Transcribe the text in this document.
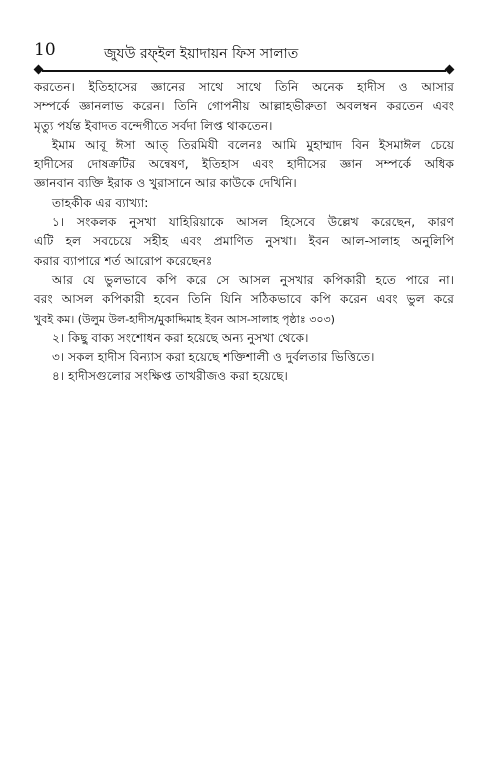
10	জুযউ রফ্‌ইল ইয়াদায়ন ফিস সালাত

করতেন। ইতিহাসের জ্ঞানের সাথে সাথে তিনি অনেক হাদীস ও আসার

সম্পর্কে জ্ঞানলাভ করেন। তিনি গোপনীয় আল্লাহভীরুতা অবলম্বন করতেন এবং

মৃত্যু পর্যন্ত ইবাদত বন্দেগীতে সর্বদা লিপ্ত থাকতেন।

ইমাম আবূ ঈসা আত্‌ তিরমিযী বলেনঃ আমি মুহাম্মাদ বিন ইসমাঈল চেয়ে

হাদীসের দোষক্রটির অন্বেষণ, ইতিহাস এবং হাদীসের জ্ঞান সম্পর্কে অধিক

জ্ঞানবান ব্যক্তি ইরাক ও খুরাসানে আর কাউকে দেখিনি।

তাহকীক এর ব্যাখ্যা:

১। সংকলক নুসখা যাহিরিয়াকে আসল হিসেবে উল্লেখ করেছেন, কারণ

এটি হল সবচেয়ে সহীহ এবং প্রমাণিত নুসখা। ইবন আল-সালাহ অনুলিপি

করার ব্যাপারে শর্ত আরোপ করেছেনঃ

আর যে ভুলভাবে কপি করে সে আসল নুসখার কপিকারী হতে পারে না।

বরং আসল কপিকারী হবেন তিনি যিনি সঠিকভাবে কপি করেন এবং ভুল করে

খুবই কম। (উলুম উল-হাদীস/মুকাদ্দিমাহ ইবন আস-সালাহ পৃষ্ঠাঃ ৩০৩)

২। কিছু বাক্য সংশোধন করা হয়েছে অন্য নুসখা থেকে।

৩। সকল হাদীস বিন্যাস করা হয়েছে শক্তিশালী ও দুর্বলতার ভিত্তিতে।

৪। হাদীসগুলোর সংক্ষিপ্ত তাখরীজও করা হয়েছে।
